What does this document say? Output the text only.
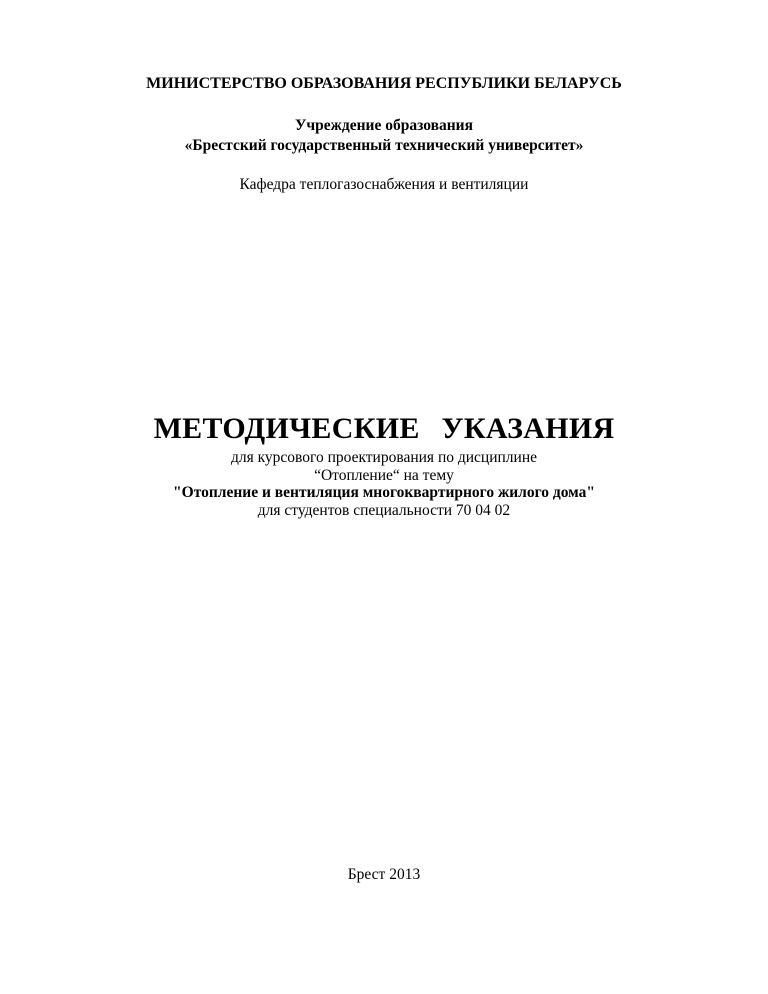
МИНИСТЕРСТВО ОБРАЗОВАНИЯ РЕСПУБЛИКИ БЕЛАРУСЬ
Учреждение образования
«Брестский государственный технический университет»
Кафедра теплогазоснабжения и вентиляции
МЕТОДИЧЕСКИЕ УКАЗАНИЯ
для курсового проектирования по дисциплине
“Отопление“ на тему
"Отопление и вентиляция многоквартирного жилого дома"
для студентов специальности 70 04 02
Брест 2013
